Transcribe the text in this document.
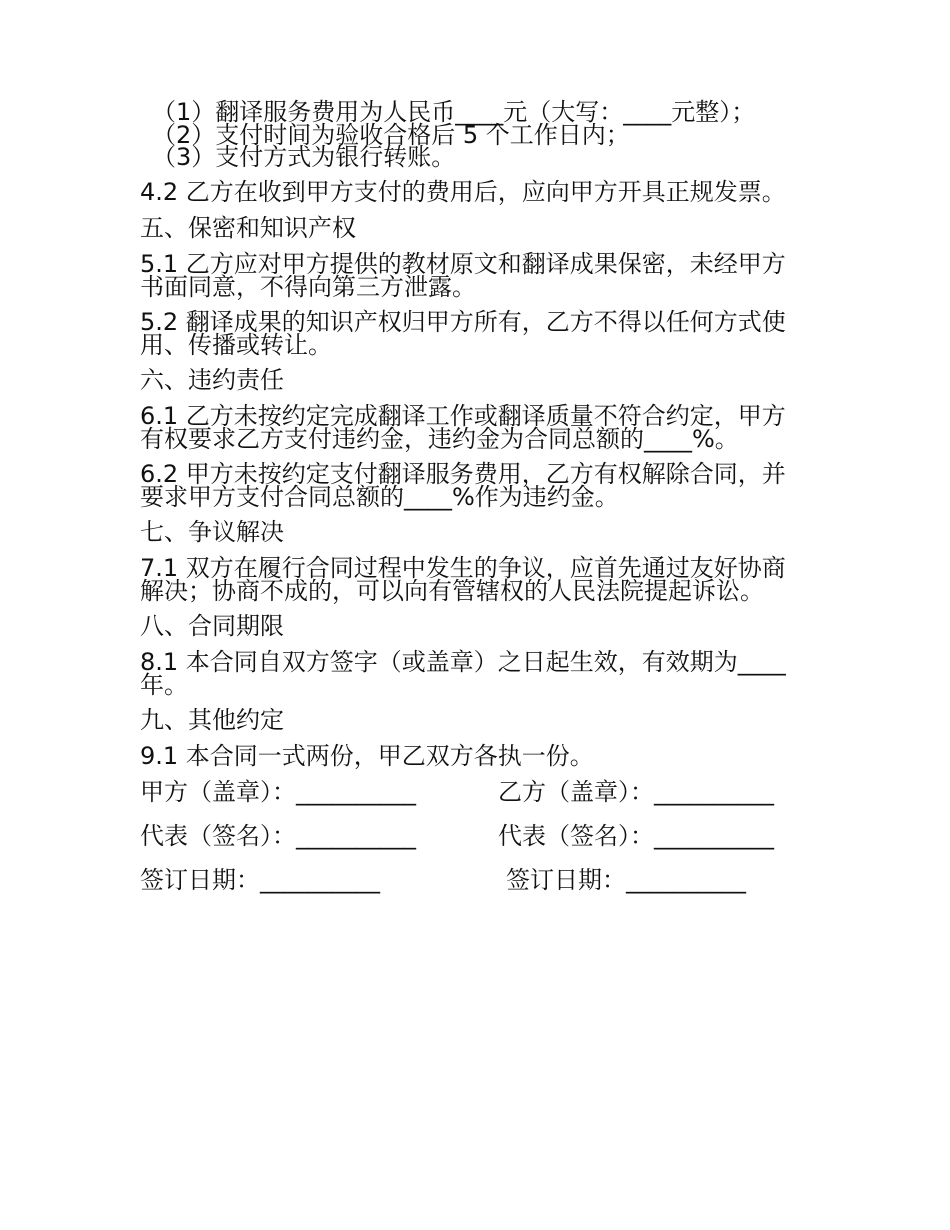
（1）翻译服务费用为人民币____元（大写：____元整）；
（2）支付时间为验收合格后 5 个工作日内；
（3）支付方式为银行转账。
4.2 乙方在收到甲方支付的费用后，应向甲方开具正规发票。
五、保密和知识产权
5.1 乙方应对甲方提供的教材原文和翻译成果保密，未经甲方
书面同意，不得向第三方泄露。
5.2 翻译成果的知识产权归甲方所有，乙方不得以任何方式使
用、传播或转让。
六、违约责任
6.1 乙方未按约定完成翻译工作或翻译质量不符合约定，甲方
有权要求乙方支付违约金，违约金为合同总额的____%。
6.2 甲方未按约定支付翻译服务费用，乙方有权解除合同，并
要求甲方支付合同总额的____%作为违约金。
七、争议解决
7.1 双方在履行合同过程中发生的争议，应首先通过友好协商
解决；协商不成的，可以向有管辖权的人民法院提起诉讼。
八、合同期限
8.1 本合同自双方签字（或盖章）之日起生效，有效期为____
年。
九、其他约定
9.1 本合同一式两份，甲乙双方各执一份。
甲方（盖章）：__________	乙方（盖章）：__________
代表（签名）：__________	代表（签名）：__________
签订日期：__________	签订日期：__________
